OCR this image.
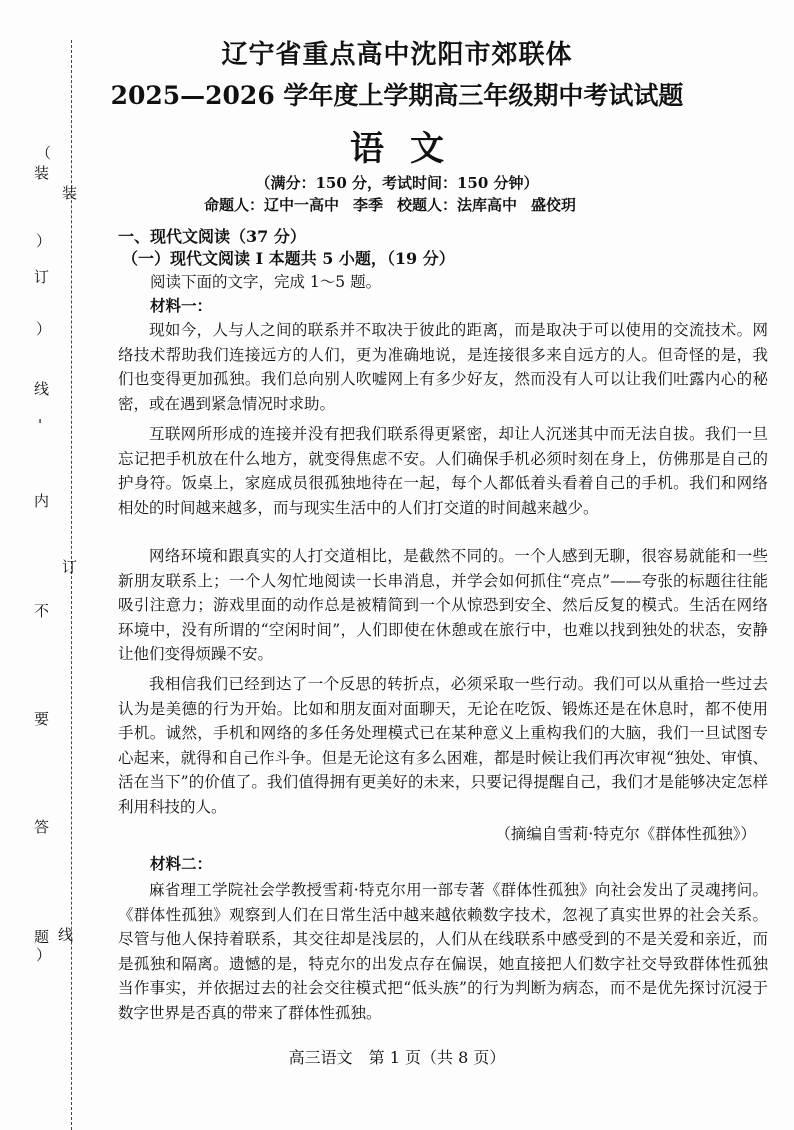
（
装
）
订
）
线
'
内
不
要
答
题
）
装
订
线
辽宁省重点高中沈阳市郊联体
2025—2026 学年度上学期高三年级期中考试试题
语文
（满分：150 分，考试时间：150 分钟）
命题人：辽中一高中 李季 校题人：法库高中 盛佼玥
一、现代文阅读（37 分）
（一）现代文阅读 I 本题共 5 小题，（19 分）
阅读下面的文字，完成 1～5 题。
材料一：
现如今，人与人之间的联系并不取决于彼此的距离，而是取决于可以使用的交流技术。网络技术帮助我们连接远方的人们，更为准确地说，是连接很多来自远方的人。但奇怪的是，我们也变得更加孤独。我们总向别人吹嘘网上有多少好友，然而没有人可以让我们吐露内心的秘密，或在遇到紧急情况时求助。
互联网所形成的连接并没有把我们联系得更紧密，却让人沉迷其中而无法自拔。我们一旦忘记把手机放在什么地方，就变得焦虑不安。人们确保手机必须时刻在身上，仿佛那是自己的护身符。饭桌上，家庭成员很孤独地待在一起，每个人都低着头看着自己的手机。我们和网络相处的时间越来越多，而与现实生活中的人们打交道的时间越来越少。
网络环境和跟真实的人打交道相比，是截然不同的。一个人感到无聊，很容易就能和一些新朋友联系上；一个人匆忙地阅读一长串消息，并学会如何抓住“亮点”——夸张的标题往往能吸引注意力；游戏里面的动作总是被精简到一个从惊恐到安全、然后反复的模式。生活在网络环境中，没有所谓的“空闲时间”，人们即使在休憩或在旅行中，也难以找到独处的状态，安静让他们变得烦躁不安。
我相信我们已经到达了一个反思的转折点，必须采取一些行动。我们可以从重拾一些过去认为是美德的行为开始。比如和朋友面对面聊天，无论在吃饭、锻炼还是在休息时，都不使用手机。诚然，手机和网络的多任务处理模式已在某种意义上重构我们的大脑，我们一旦试图专心起来，就得和自己作斗争。但是无论这有多么困难，都是时候让我们再次审视“独处、审慎、活在当下”的价值了。我们值得拥有更美好的未来，只要记得提醒自己，我们才是能够决定怎样利用科技的人。
（摘编自雪莉·特克尔《群体性孤独》）
材料二：
麻省理工学院社会学教授雪莉·特克尔用一部专著《群体性孤独》向社会发出了灵魂拷问。《群体性孤独》观察到人们在日常生活中越来越依赖数字技术，忽视了真实世界的社会关系。尽管与他人保持着联系，其交往却是浅层的，人们从在线联系中感受到的不是关爱和亲近，而是孤独和隔离。遗憾的是，特克尔的出发点存在偏误，她直接把人们数字社交导致群体性孤独当作事实，并依据过去的社会交往模式把“低头族”的行为判断为病态，而不是优先探讨沉浸于数字世界是否真的带来了群体性孤独。
高三语文　第 1 页（共 8 页）
